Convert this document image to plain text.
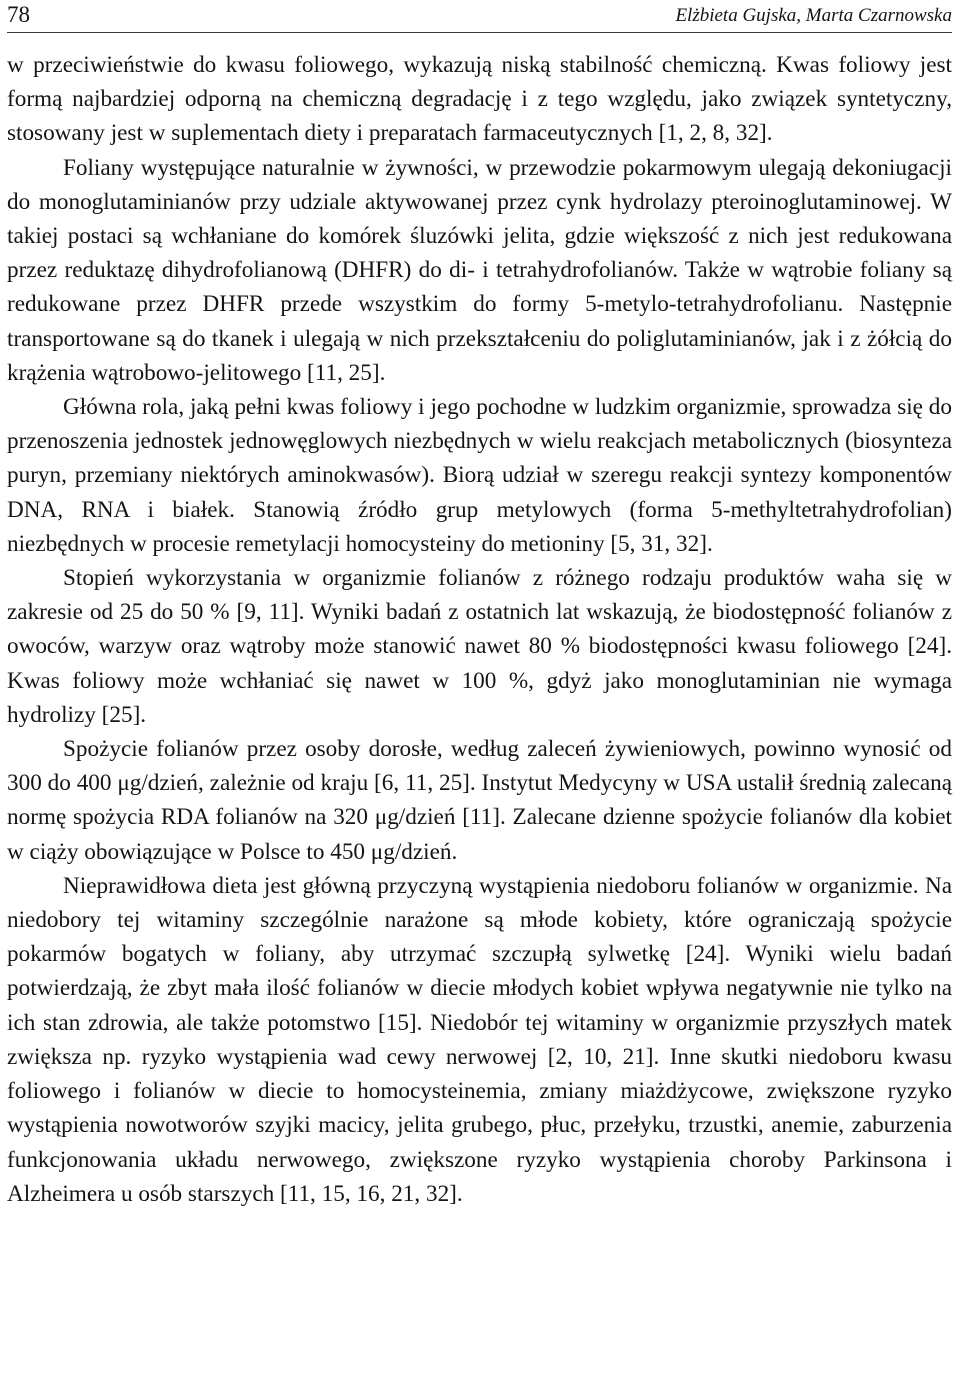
78	Elżbieta Gujska, Marta Czarnowska

w przeciwieństwie do kwasu foliowego, wykazują niską stabilność chemiczną. Kwas foliowy jest formą najbardziej odporną na chemiczną degradację i z tego względu, jako związek syntetyczny, stosowany jest w suplementach diety i preparatach farmaceutycznych [1, 2, 8, 32].

Foliany występujące naturalnie w żywności, w przewodzie pokarmowym ulegają dekoniugacji do monoglutaminianów przy udziale aktywowanej przez cynk hydrolazy pteroinoglutaminowej. W takiej postaci są wchłaniane do komórek śluzówki jelita, gdzie większość z nich jest redukowana przez reduktazę dihydrofolianową (DHFR) do di- i tetrahydrofolianów. Także w wątrobie foliany są redukowane przez DHFR przede wszystkim do formy 5-metylo-tetrahydrofolianu. Następnie transportowane są do tkanek i ulegają w nich przekształceniu do poliglutaminianów, jak i z żółcią do krążenia wątrobowo-jelitowego [11, 25].

Główna rola, jaką pełni kwas foliowy i jego pochodne w ludzkim organizmie, sprowadza się do przenoszenia jednostek jednowęglowych niezbędnych w wielu reakcjach metabolicznych (biosynteza puryn, przemiany niektórych aminokwasów). Biorą udział w szeregu reakcji syntezy komponentów DNA, RNA i białek. Stanowią źródło grup metylowych (forma 5-methyltetrahydrofolian) niezbędnych w procesie remetylacji homocysteiny do metioniny [5, 31, 32].

Stopień wykorzystania w organizmie folianów z różnego rodzaju produktów waha się w zakresie od 25 do 50 % [9, 11]. Wyniki badań z ostatnich lat wskazują, że biodostępność folianów z owoców, warzyw oraz wątroby może stanowić nawet 80 % biodostępności kwasu foliowego [24]. Kwas foliowy może wchłaniać się nawet w 100 %, gdyż jako monoglutaminian nie wymaga hydrolizy [25].

Spożycie folianów przez osoby dorosłe, według zaleceń żywieniowych, powinno wynosić od 300 do 400 μg/dzień, zależnie od kraju [6, 11, 25]. Instytut Medycyny w USA ustalił średnią zalecaną normę spożycia RDA folianów na 320 μg/dzień [11]. Zalecane dzienne spożycie folianów dla kobiet w ciąży obowiązujące w Polsce to 450 μg/dzień.

Nieprawidłowa dieta jest główną przyczyną wystąpienia niedoboru folianów w organizmie. Na niedobory tej witaminy szczególnie narażone są młode kobiety, które ograniczają spożycie pokarmów bogatych w foliany, aby utrzymać szczupłą sylwetkę [24]. Wyniki wielu badań potwierdzają, że zbyt mała ilość folianów w diecie młodych kobiet wpływa negatywnie nie tylko na ich stan zdrowia, ale także potomstwo [15]. Niedobór tej witaminy w organizmie przyszłych matek zwiększa np. ryzyko wystąpienia wad cewy nerwowej [2, 10, 21]. Inne skutki niedoboru kwasu foliowego i folianów w diecie to homocysteinemia, zmiany miażdżycowe, zwiększone ryzyko wystąpienia nowotworów szyjki macicy, jelita grubego, płuc, przełyku, trzustki, anemie, zaburzenia funkcjonowania układu nerwowego, zwiększone ryzyko wystąpienia choroby Parkinsona i Alzheimera u osób starszych [11, 15, 16, 21, 32].
